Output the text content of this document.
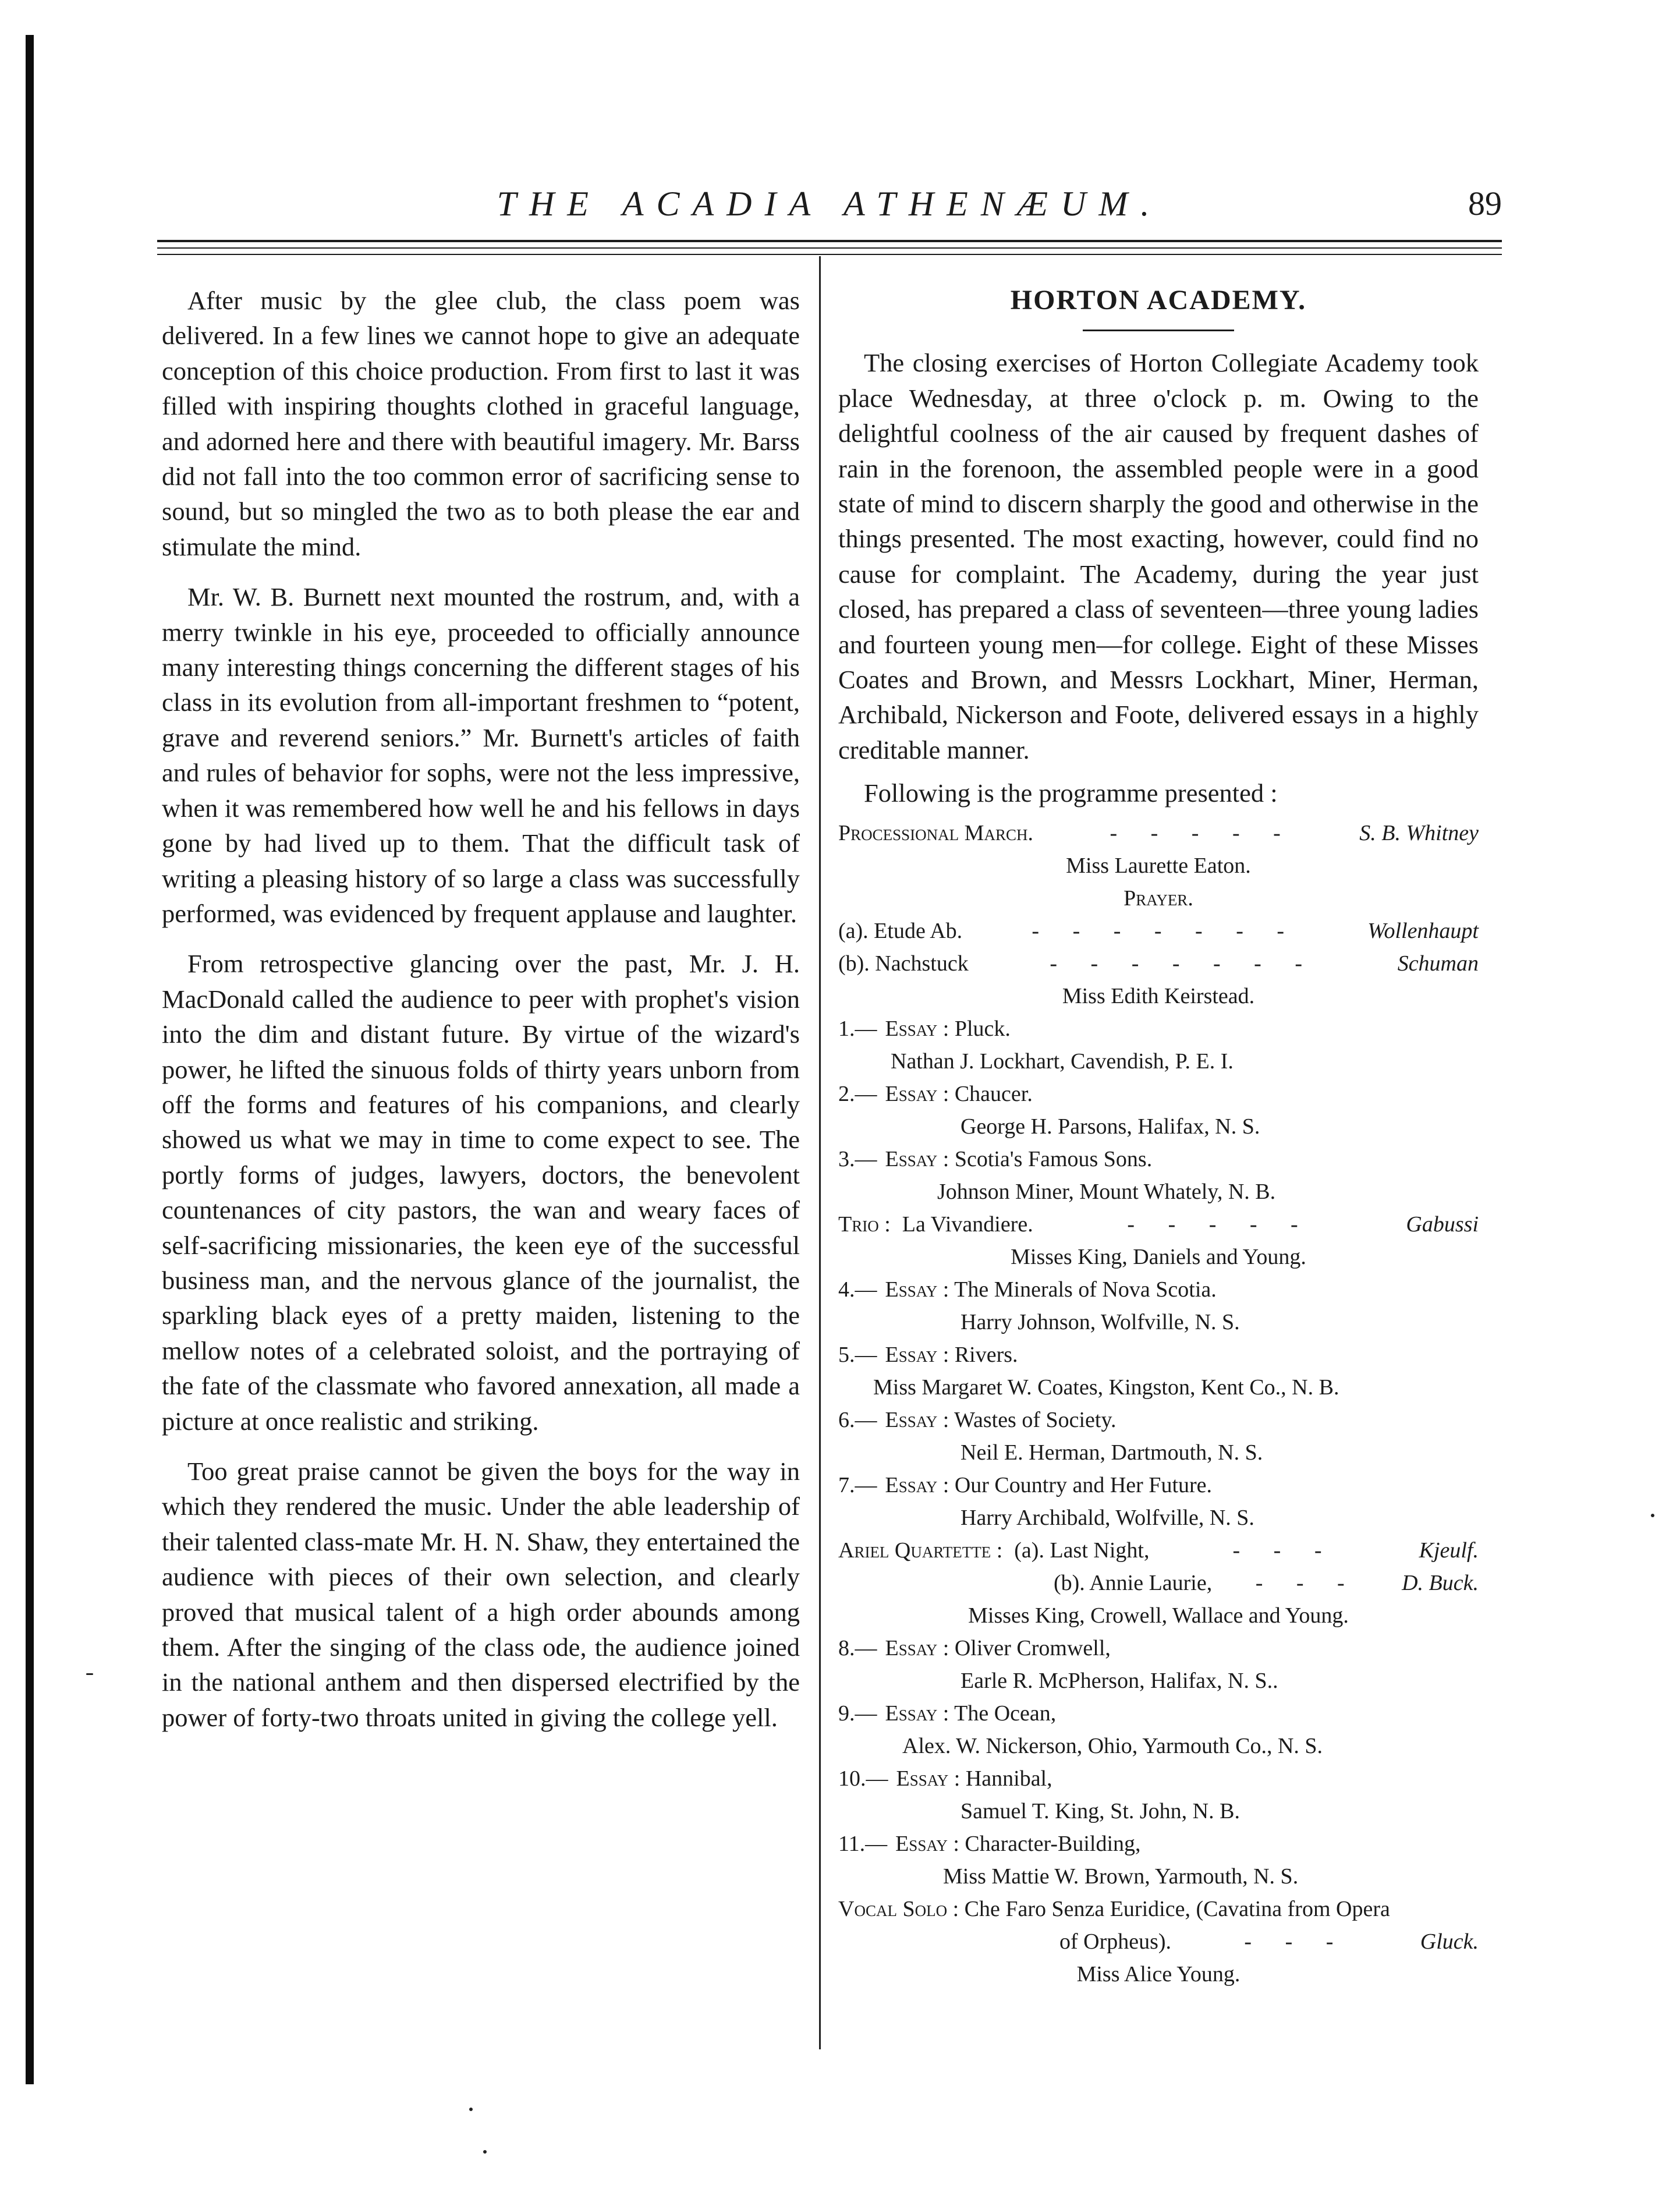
THE ACADIA ATHENÆUM.	89

After music by the glee club, the class poem was delivered. In a few lines we cannot hope to give an adequate conception of this choice production. From first to last it was filled with inspiring thoughts clothed in graceful language, and adorned here and there with beautiful imagery. Mr. Barss did not fall into the too common error of sacrificing sense to sound, but so mingled the two as to both please the ear and stimulate the mind.

Mr. W. B. Burnett next mounted the rostrum, and, with a merry twinkle in his eye, proceeded to officially announce many interesting things concerning the different stages of his class in its evolution from all-important freshmen to “potent, grave and reverend seniors.” Mr. Burnett's articles of faith and rules of behavior for sophs, were not the less impressive, when it was remembered how well he and his fellows in days gone by had lived up to them. That the difficult task of writing a pleasing history of so large a class was successfully performed, was evidenced by frequent applause and laughter.

From retrospective glancing over the past, Mr. J. H. MacDonald called the audience to peer with prophet's vision into the dim and distant future. By virtue of the wizard's power, he lifted the sinuous folds of thirty years unborn from off the forms and features of his companions, and clearly showed us what we may in time to come expect to see. The portly forms of judges, lawyers, doctors, the benevolent countenances of city pastors, the wan and weary faces of self-sacrificing missionaries, the keen eye of the successful business man, and the nervous glance of the journalist, the sparkling black eyes of a pretty maiden, listening to the mellow notes of a celebrated soloist, and the portraying of the fate of the classmate who favored annexation, all made a picture at once realistic and striking.

Too great praise cannot be given the boys for the way in which they rendered the music. Under the able leadership of their talented class-mate Mr. H. N. Shaw, they entertained the audience with pieces of their own selection, and clearly proved that musical talent of a high order abounds among them. After the singing of the class ode, the audience joined in the national anthem and then dispersed electrified by the power of forty-two throats united in giving the college yell.

HORTON ACADEMY.

The closing exercises of Horton Collegiate Academy took place Wednesday, at three o'clock p. m. Owing to the delightful coolness of the air caused by frequent dashes of rain in the forenoon, the assembled people were in a good state of mind to discern sharply the good and otherwise in the things presented. The most exacting, however, could find no cause for complaint. The Academy, during the year just closed, has prepared a class of seventeen—three young ladies and fourteen young men—for college. Eight of these Misses Coates and Brown, and Messrs Lockhart, Miner, Herman, Archibald, Nickerson and Foote, delivered essays in a highly creditable manner.

Following is the programme presented :

Processional March.	- - - - -	S. B. Whitney
Miss Laurette Eaton.
Prayer.
(a). Etude Ab.	- - - - - - -	Wollenhaupt
(b). Nachstuck	- - - - - - -	Schuman
Miss Edith Keirstead.
1.— Essay : Pluck.
Nathan J. Lockhart, Cavendish, P. E. I.
2.— Essay : Chaucer.
George H. Parsons, Halifax, N. S.
3.— Essay : Scotia's Famous Sons.
Johnson Miner, Mount Whately, N. B.
Trio : La Vivandiere.	- - - - -	Gabussi
Misses King, Daniels and Young.
4.— Essay : The Minerals of Nova Scotia.
Harry Johnson, Wolfville, N. S.
5.— Essay : Rivers.
Miss Margaret W. Coates, Kingston, Kent Co., N. B.
6.— Essay : Wastes of Society.
Neil E. Herman, Dartmouth, N. S.
7.— Essay : Our Country and Her Future.
Harry Archibald, Wolfville, N. S.
Ariel Quartette : (a). Last Night,	- - -	Kjeulf.
(b). Annie Laurie,	- - -	D. Buck.
Misses King, Crowell, Wallace and Young.
8.— Essay : Oliver Cromwell,
Earle R. McPherson, Halifax, N. S..
9.— Essay : The Ocean,
Alex. W. Nickerson, Ohio, Yarmouth Co., N. S.
10.— Essay : Hannibal,
Samuel T. King, St. John, N. B.
11.— Essay : Character-Building,
Miss Mattie W. Brown, Yarmouth, N. S.
Vocal Solo : Che Faro Senza Euridice, (Cavatina from Opera
of Orpheus).	- - -	Gluck.
Miss Alice Young.
